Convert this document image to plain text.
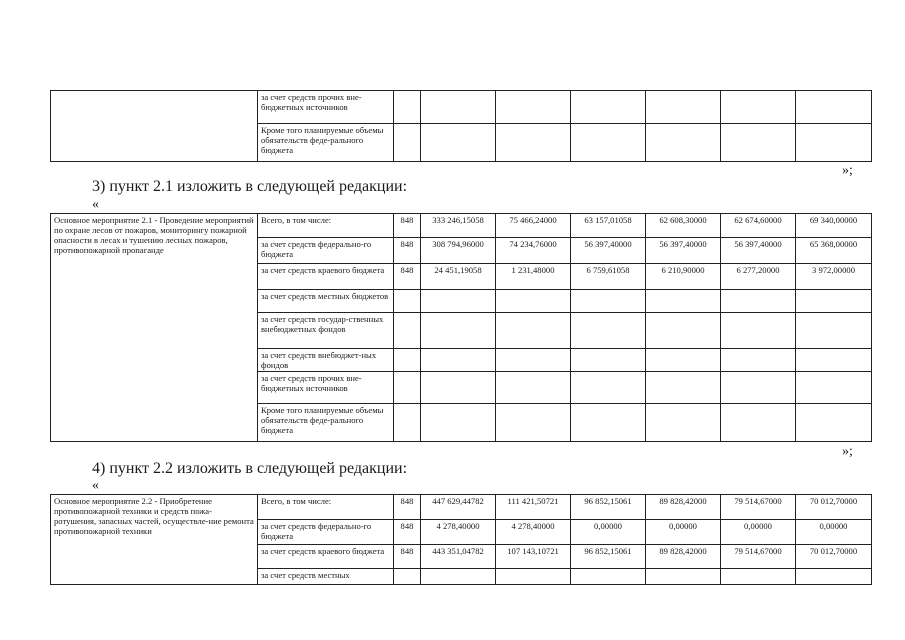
	за счет средств прочих вне-бюджетных источников							
	Кроме того планируемые объемы обязательств феде-рального бюджета							
»;
3) пункт 2.1 изложить в следующей редакции:
«
Основное мероприятие 2.1 - Проведение мероприятий по охране лесов от пожаров, мониторингу пожарной опасности в лесах и тушению лесных пожаров, противопожарной пропаганде	Всего, в том числе:	848	333 246,15058	75 466,24000	63 157,01058	62 608,30000	62 674,60000	69 340,00000	
	за счет средств федерально-го бюджета	848	308 794,96000	74 234,76000	56 397,40000	56 397,40000	56 397,40000	65 368,00000	
	за счет средств краевого бюджета	848	24 451,19058	1 231,48000	6 759,61058	6 210,90000	6 277,20000	3 972,00000	
	за счет средств местных бюджетов								
	за счет средств государ-ственных внебюджетных фондов								
	за счет средств внебюджет-ных фондов								
	за счет средств прочих вне-бюджетных источников								
	Кроме того планируемые объемы обязательств феде-рального бюджета								
»;
4) пункт 2.2 изложить в следующей редакции:
«
Основное мероприятие 2.2 - Приобретение противопожарной техники и средств пожа-ротушения, запасных частей, осуществле-ние ремонта противопожарной техники	Всего, в том числе:	848	447 629,44782	111 421,50721	96 852,15061	89 828,42000	79 514,67000	70 012,70000	
	за счет средств федерально-го бюджета	848	4 278,40000	4 278,40000	0,00000	0,00000	0,00000	0,00000	
	за счет средств краевого бюджета	848	443 351,04782	107 143,10721	96 852,15061	89 828,42000	79 514,67000	70 012,70000	
	за счет средств местных								
